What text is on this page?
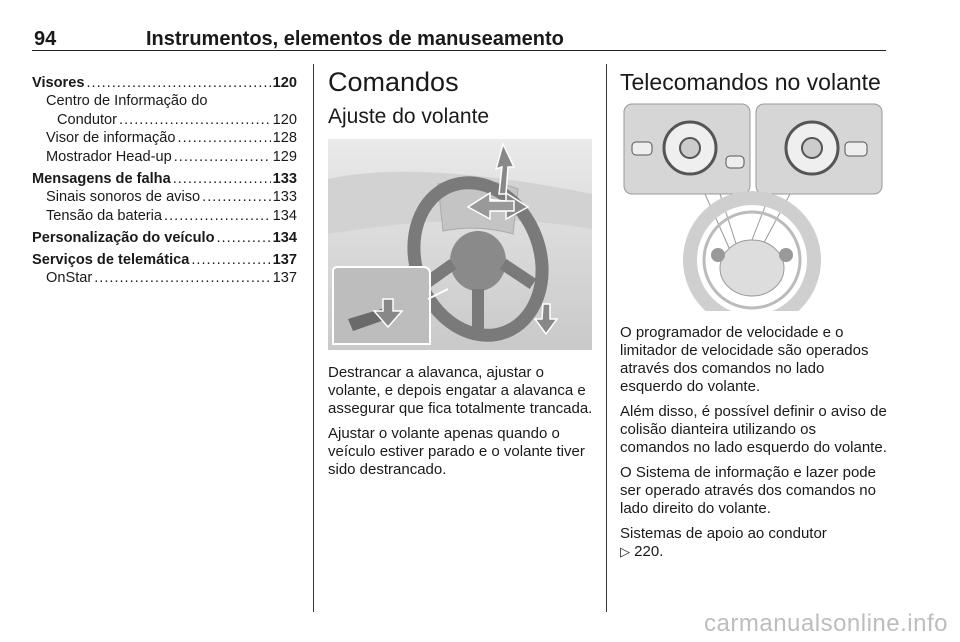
94	Instrumentos, elementos de manuseamento
Visores .....	120
Centro de Informação do
Condutor .....	120
Visor de informação .....	128
Mostrador Head-up .....	129
Mensagens de falha .....	133
Sinais sonoros de aviso .....	133
Tensão da bateria .....	134
Personalização do veículo .....	134
Serviços de telemática .....	137
OnStar .....	137
Comandos
Ajuste do volante

Destrancar a alavanca, ajustar o volante, e depois engatar a alavanca e assegurar que fica totalmente trancada.

Ajustar o volante apenas quando o veículo estiver parado e o volante tiver sido destrancado.

Telecomandos no volante

O programador de velocidade e o limitador de velocidade são operados através dos comandos no lado esquerdo do volante.

Além disso, é possível definir o aviso de colisão dianteira utilizando os comandos no lado esquerdo do volante.

O Sistema de informação e lazer pode ser operado através dos comandos no lado direito do volante.

Sistemas de apoio ao condutor

▷ 220.

carmanualsonline.info
